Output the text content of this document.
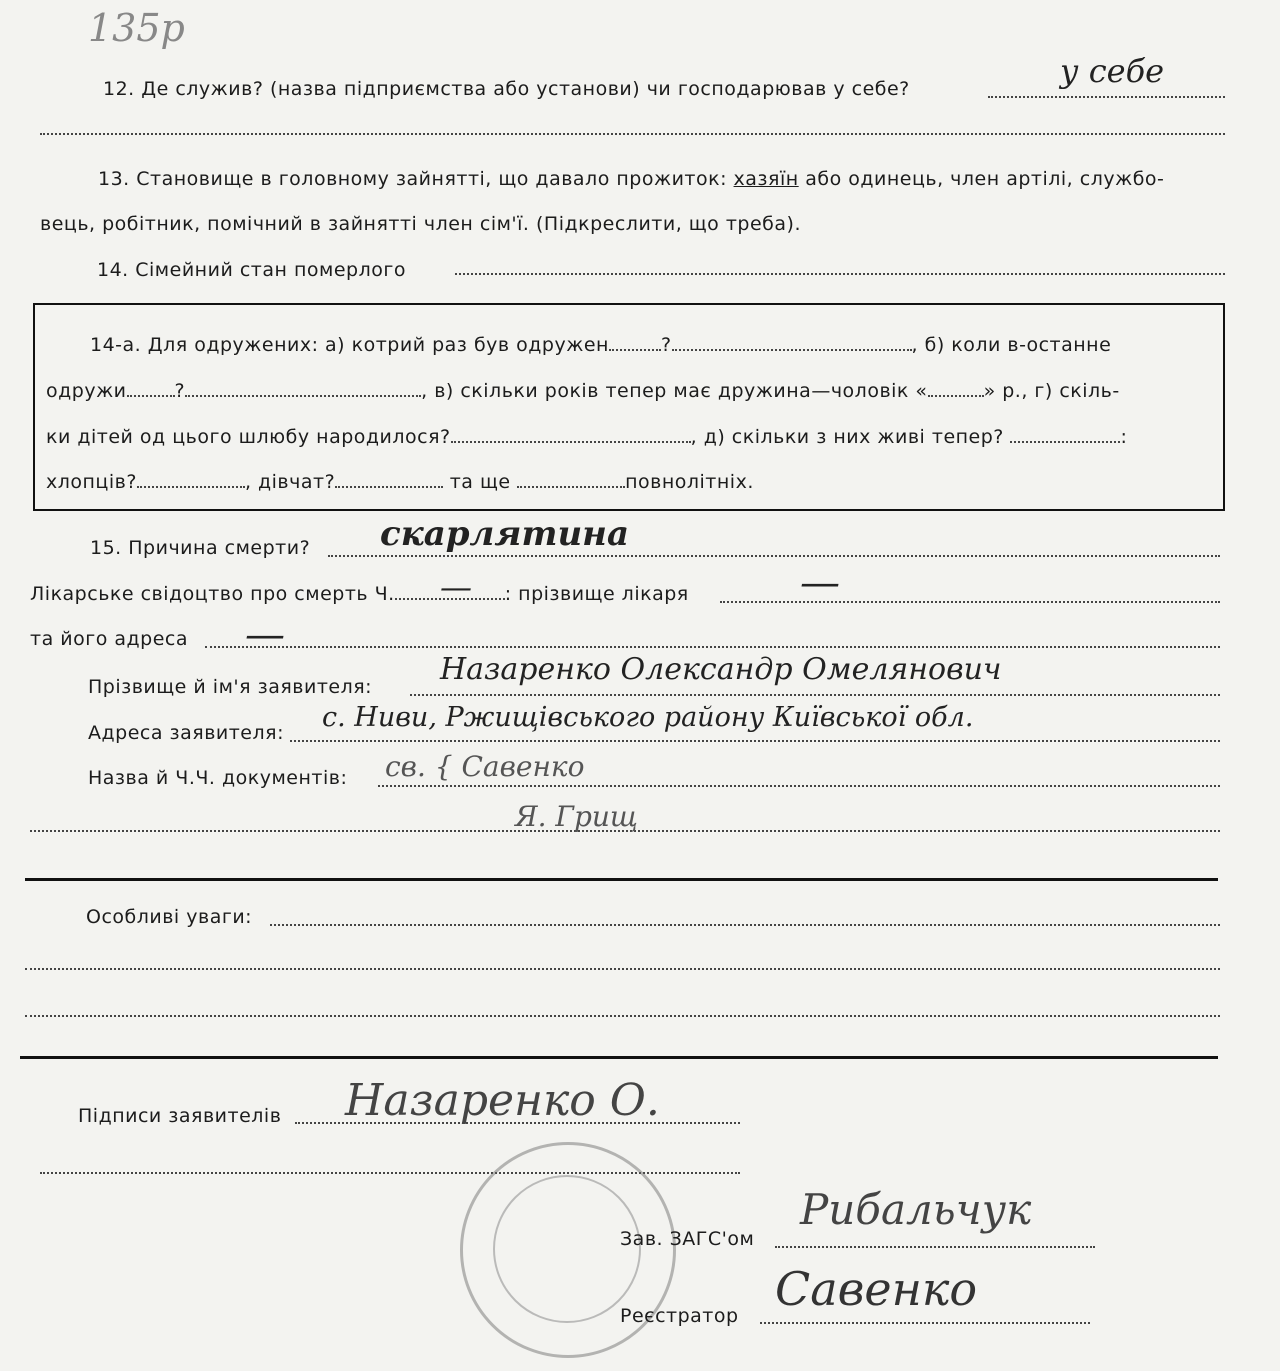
135р
12. Де служив? (назва підприємства або установи) чи господарював у себе?	у себе
13. Становище в головному зайнятті, що давало прожиток: хазяїн або одинець, член артілі, службо-
вець, робітник, помічний в зайнятті член сім'ї. (Підкреслити, що треба).
14. Сімейний стан померлого
14-а. Для одружених: а) котрий раз був одружен	?	, б) коли в-останне
одружи	?	, в) скільки років тепер має дружина—чоловік «	» р., г) скіль-
ки дітей од цього шлюбу народилося?	, д) скільки з них живі тепер?	:
хлопців?	, дівчат?	та ще	повнолітніх.
15. Причина смерти? скарлятина
Лікарське свідоцтво про смерть Ч.	: прізвище лікаря
—	—
та його адреса —
Прізвище й ім'я заявителя: Назаренко Олександр Омелянович
Адреса заявителя: с. Ниви, Ржищівського району Київської обл.
Назва й Ч.Ч. документів: св. { Савенко
Я. Грищ
Особливі уваги:
Підписи заявителів Назаренко О.
Зав. ЗАГС'ом
Рибальчук
Реєстратор Савенко
